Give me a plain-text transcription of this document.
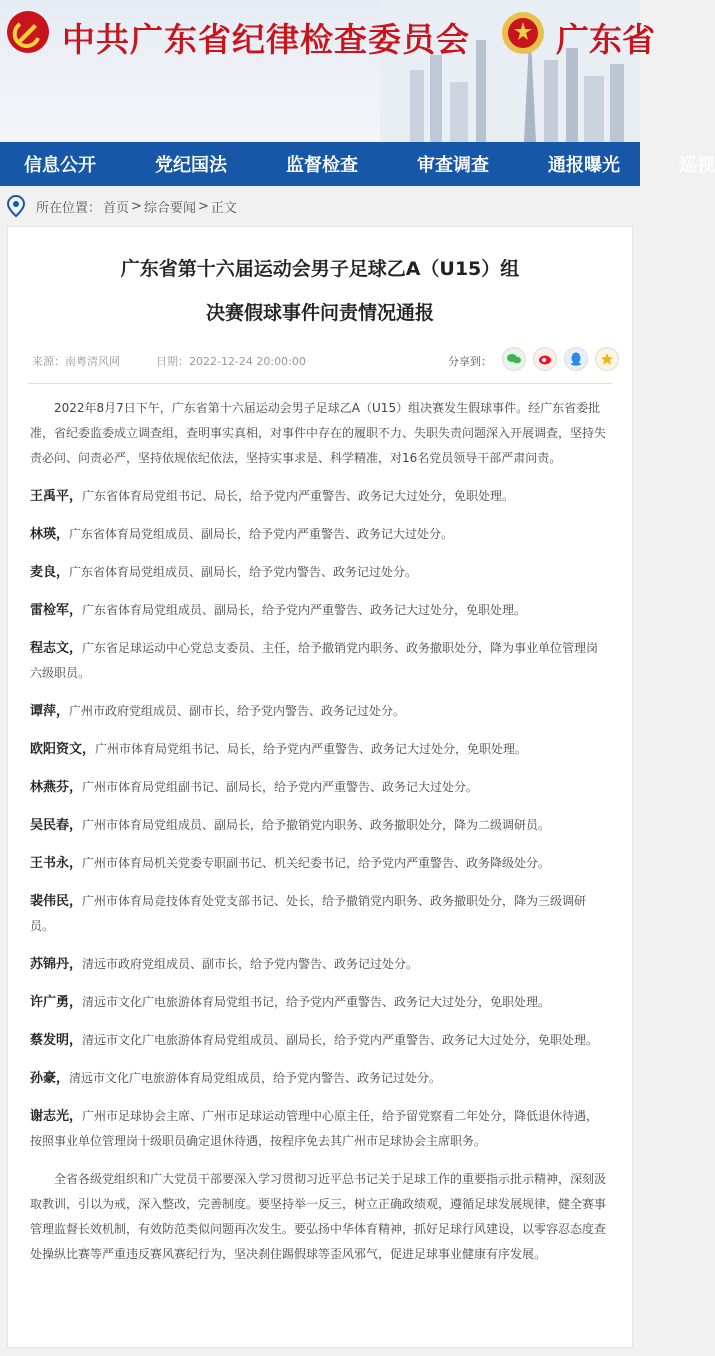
中共广东省纪律检查委员会	广东省
信息公开	党纪国法	监督检查	审查调查	通报曝光	巡视
所在位置： 首页 > 综合要闻 > 正文
广东省第十六届运动会男子足球乙A（U15）组
决赛假球事件问责情况通报
来源：南粤清风网	日期：2022-12-24 20:00:00	分享到：

2022年8月7日下午，广东省第十六届运动会男子足球乙A（U15）组决赛发生假球事件。经广东省委批准，省纪委监委成立调查组，查明事实真相，对事件中存在的履职不力、失职失责问题深入开展调查，坚持失责必问、问责必严，坚持依规依纪依法，坚持实事求是、科学精准，对16名党员领导干部严肃问责。

王禹平，广东省体育局党组书记、局长，给予党内严重警告、政务记大过处分，免职处理。

林瑛，广东省体育局党组成员、副局长，给予党内严重警告、政务记大过处分。

麦良，广东省体育局党组成员、副局长，给予党内警告、政务记过处分。

雷检军，广东省体育局党组成员、副局长，给予党内严重警告、政务记大过处分，免职处理。

程志文，广东省足球运动中心党总支委员、主任，给予撤销党内职务、政务撤职处分，降为事业单位管理岗六级职员。

谭萍，广州市政府党组成员、副市长，给予党内警告、政务记过处分。

欧阳资文，广州市体育局党组书记、局长，给予党内严重警告、政务记大过处分，免职处理。

林燕芬，广州市体育局党组副书记、副局长，给予党内严重警告、政务记大过处分。

吴民春，广州市体育局党组成员、副局长，给予撤销党内职务、政务撤职处分，降为二级调研员。

王书永，广州市体育局机关党委专职副书记、机关纪委书记，给予党内严重警告、政务降级处分。

裴伟民，广州市体育局竞技体育处党支部书记、处长，给予撤销党内职务、政务撤职处分，降为三级调研员。

苏锦丹，清远市政府党组成员、副市长，给予党内警告、政务记过处分。

许广勇，清远市文化广电旅游体育局党组书记，给予党内严重警告、政务记大过处分，免职处理。

蔡发明，清远市文化广电旅游体育局党组成员、副局长，给予党内严重警告、政务记大过处分，免职处理。

孙豪，清远市文化广电旅游体育局党组成员，给予党内警告、政务记过处分。

谢志光，广州市足球协会主席、广州市足球运动管理中心原主任，给予留党察看二年处分，降低退休待遇，按照事业单位管理岗十级职员确定退休待遇，按程序免去其广州市足球协会主席职务。

全省各级党组织和广大党员干部要深入学习贯彻习近平总书记关于足球工作的重要指示批示精神，深刻汲取教训，引以为戒，深入整改，完善制度。要坚持举一反三，树立正确政绩观，遵循足球发展规律，健全赛事管理监督长效机制，有效防范类似问题再次发生。要弘扬中华体育精神，抓好足球行风建设，以零容忍态度查处操纵比赛等严重违反赛风赛纪行为，坚决刹住踢假球等歪风邪气，促进足球事业健康有序发展。
